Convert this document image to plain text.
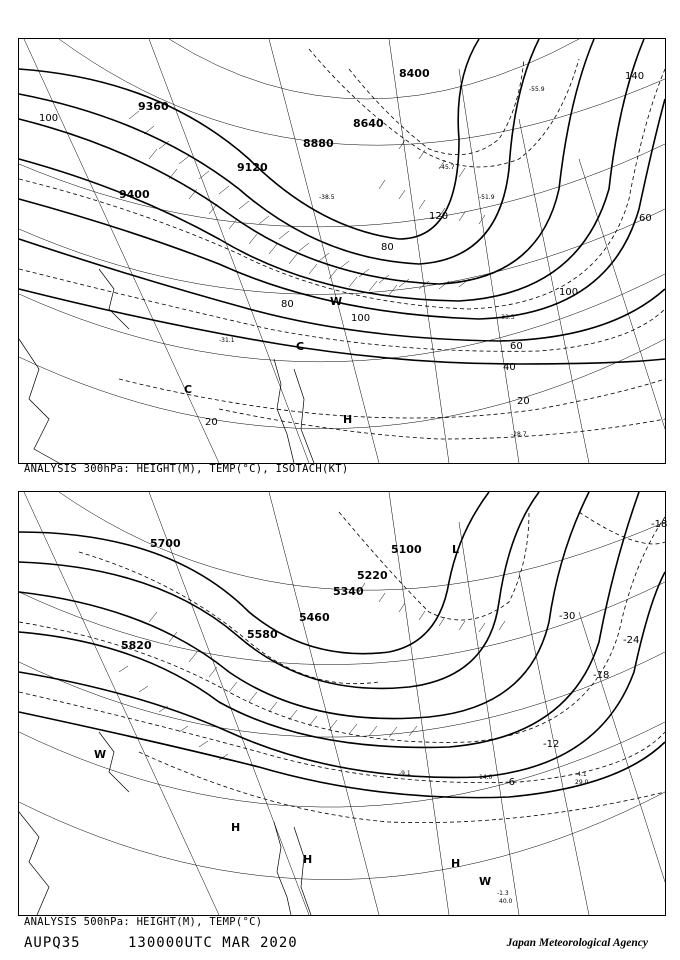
9360
9400
9120
8880
8640
8400
20
20
40
60
60
80
80
100
100
100
120
140
C
C
W
H
-28.7
-31.1
-33.3
-38.5
-45.7
-51.9
-55.9
ANALYSIS 300hPa: HEIGHT(M), TEMP(°C), ISOTACH(KT)
5700	5100
5220
5340
5460
5580
5820
-18
-18
-24
-30
-12
-6
L
W
W
H
H	H
-1.3
40.0
-9.1
14.0	-4.1
29.0
ANALYSIS 500hPa: HEIGHT(M), TEMP(°C)
AUPQ35	130000UTC MAR 2020	Japan Meteorological Agency
